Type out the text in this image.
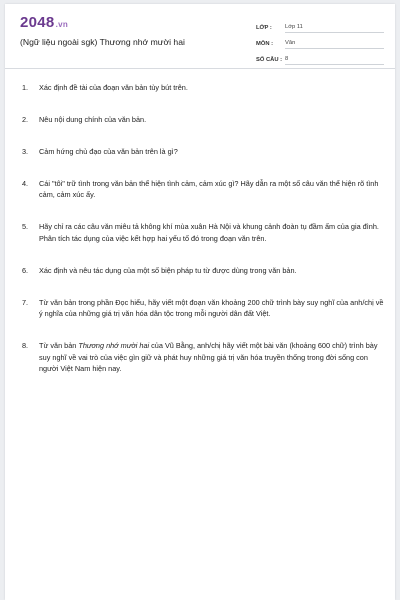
2048.vn
(Ngữ liệu ngoài sgk) Thương nhớ mười hai
LỚP :	Lớp 11
MÔN :	Văn
SỐ CÂU : 8
1.	Xác định đề tài của đoạn văn bản tùy bút trên.
2.	Nêu nội dung chính của văn bản.
3.	Cảm hứng chủ đạo của văn bản trên là gì?
4.	Cái "tôi" trữ tình trong văn bản thể hiện tình cảm, cảm xúc gì? Hãy dẫn ra một số câu văn thể hiện rõ tình cảm, cảm xúc ấy.
5.	Hãy chỉ ra các câu văn miêu tả không khí mùa xuân Hà Nội và khung cảnh đoàn tụ đầm ấm của gia đình. Phân tích tác dụng của việc kết hợp hai yếu tố đó trong đoạn văn trên.
6.	Xác định và nêu tác dụng của một số biện pháp tu từ được dùng trong văn bản.
7.	Từ văn bản trong phần Đọc hiểu, hãy viết một đoạn văn khoảng 200 chữ trình bày suy nghĩ của anh/chị về ý nghĩa của những giá trị văn hóa dân tộc trong mỗi người dân đất Việt.
8.	Từ văn bản Thương nhớ mười hai của Vũ Bằng, anh/chị hãy viết một bài văn (khoảng 600 chữ) trình bày suy nghĩ về vai trò của việc gìn giữ và phát huy những giá trị văn hóa truyền thống trong đời sống con người Việt Nam hiện nay.
